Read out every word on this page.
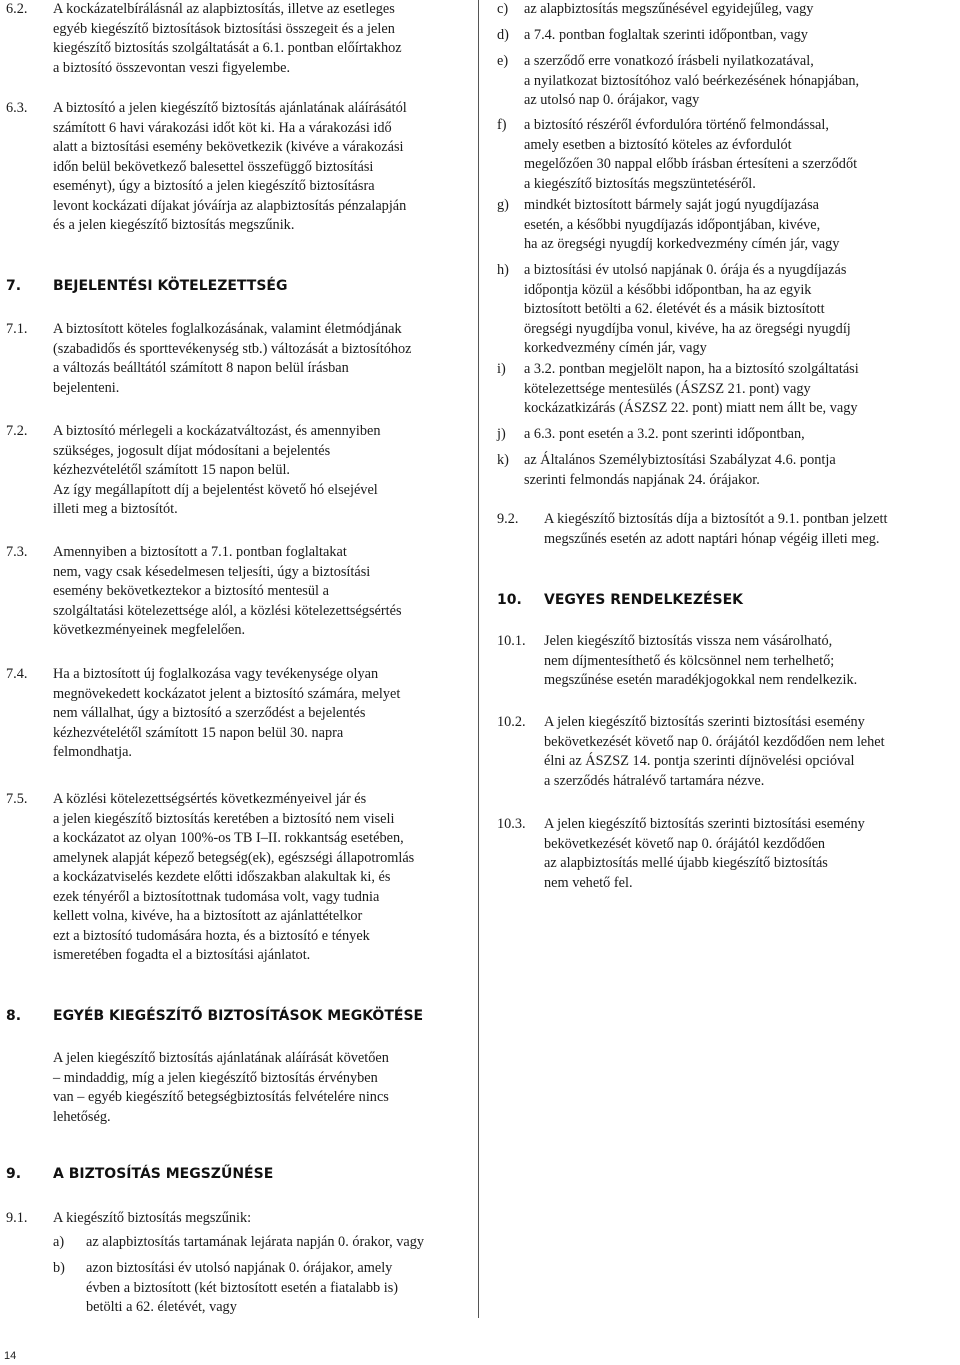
6.2. A kockázatelbírálásnál az alapbiztosítás, illetve az esetleges
egyéb kiegészítő biztosítások biztosítási összegeit és a jelen
kiegészítő biztosítás szolgáltatását a 6.1. pontban előírtakhoz
a biztosító összevontan veszi figyelembe.
6.3. A biztosító a jelen kiegészítő biztosítás ajánlatának aláírásától
számított 6 havi várakozási időt köt ki. Ha a várakozási idő
alatt a biztosítási esemény bekövetkezik (kivéve a várakozási
időn belül bekövetkező balesettel összefüggő biztosítási
eseményt), úgy a biztosító a jelen kiegészítő biztosításra
levont kockázati díjakat jóváírja az alapbiztosítás pénzalapján
és a jelen kiegészítő biztosítás megszűnik.
7. BEJELENTÉSI KÖTELEZETTSÉG
7.1. A biztosított köteles foglalkozásának, valamint életmódjának
(szabadidős és sporttevékenység stb.) változását a biztosítóhoz
a változás beálltától számított 8 napon belül írásban
bejelenteni.
7.2. A biztosító mérlegeli a kockázatváltozást, és amennyiben
szükséges, jogosult díjat módosítani a bejelentés
kézhezvételétől számított 15 napon belül.
Az így megállapított díj a bejelentést követő hó elsejével
illeti meg a biztosítót.
7.3. Amennyiben a biztosított a 7.1. pontban foglaltakat
nem, vagy csak késedelmesen teljesíti, úgy a biztosítási
esemény bekövetkeztekor a biztosító mentesül a
szolgáltatási kötelezettsége alól, a közlési kötelezettségsértés
következményeinek megfelelően.
7.4. Ha a biztosított új foglalkozása vagy tevékenysége olyan
megnövekedett kockázatot jelent a biztosító számára, melyet
nem vállalhat, úgy a biztosító a szerződést a bejelentés
kézhezvételétől számított 15 napon belül 30. napra
felmondhatja.
7.5. A közlési kötelezettségsértés következményeivel jár és
a jelen kiegészítő biztosítás keretében a biztosító nem viseli
a kockázatot az olyan 100%-os TB I–II. rokkantság esetében,
amelynek alapját képező betegség(ek), egészségi állapotromlás
a kockázatviselés kezdete előtti időszakban alakultak ki, és
ezek tényéről a biztosítottnak tudomása volt, vagy tudnia
kellett volna, kivéve, ha a biztosított az ajánlattételkor
ezt a biztosító tudomására hozta, és a biztosító e tények
ismeretében fogadta el a biztosítási ajánlatot.
8. EGYÉB KIEGÉSZÍTŐ BIZTOSÍTÁSOK MEGKÖTÉSE
A jelen kiegészítő biztosítás ajánlatának aláírását követően
– mindaddig, míg a jelen kiegészítő biztosítás érvényben
van – egyéb kiegészítő betegségbiztosítás felvételére nincs
lehetőség.
9. A BIZTOSÍTÁS MEGSZŰNÉSE
9.1. A kiegészítő biztosítás megszűnik:
a) az alapbiztosítás tartamának lejárata napján 0. órakor, vagy
b) azon biztosítási év utolsó napjának 0. órájakor, amely
évben a biztosított (két biztosított esetén a fiatalabb is)
betölti a 62. életévét, vagy
c) az alapbiztosítás megszűnésével egyidejűleg, vagy
d) a 7.4. pontban foglaltak szerinti időpontban, vagy
e) a szerződő erre vonatkozó írásbeli nyilatkozatával,
a nyilatkozat biztosítóhoz való beérkezésének hónapjában,
az utolsó nap 0. órájakor, vagy
f) a biztosító részéről évfordulóra történő felmondással,
amely esetben a biztosító köteles az évfordulót
megelőzően 30 nappal előbb írásban értesíteni a szerződőt
a kiegészítő biztosítás megszüntetéséről.
g) mindkét biztosított bármely saját jogú nyugdíjazása
esetén, a későbbi nyugdíjazás időpontjában, kivéve,
ha az öregségi nyugdíj korkedvezmény címén jár, vagy
h) a biztosítási év utolsó napjának 0. órája és a nyugdíjazás
időpontja közül a későbbi időpontban, ha az egyik
biztosított betölti a 62. életévét és a másik biztosított
öregségi nyugdíjba vonul, kivéve, ha az öregségi nyugdíj
korkedvezmény címén jár, vagy
i) a 3.2. pontban megjelölt napon, ha a biztosító szolgáltatási
kötelezettsége mentesülés (ÁSZSZ 21. pont) vagy
kockázatkizárás (ÁSZSZ 22. pont) miatt nem állt be, vagy
j) a 6.3. pont esetén a 3.2. pont szerinti időpontban,
k) az Általános Személybiztosítási Szabályzat 4.6. pontja
szerinti felmondás napjának 24. órájakor.
9.2. A kiegészítő biztosítás díja a biztosítót a 9.1. pontban jelzett
megszűnés esetén az adott naptári hónap végéig illeti meg.
10. VEGYES RENDELKEZÉSEK
10.1. Jelen kiegészítő biztosítás vissza nem vásárolható,
nem díjmentesíthető és kölcsönnel nem terhelhető;
megszűnése esetén maradékjogokkal nem rendelkezik.
10.2. A jelen kiegészítő biztosítás szerinti biztosítási esemény
bekövetkezését követő nap 0. órájától kezdődően nem lehet
élni az ÁSZSZ 14. pontja szerinti díjnövelési opcióval
a szerződés hátralévő tartamára nézve.
10.3. A jelen kiegészítő biztosítás szerinti biztosítási esemény
bekövetkezését követő nap 0. órájától kezdődően
az alapbiztosítás mellé újabb kiegészítő biztosítás
nem vehető fel.
14
